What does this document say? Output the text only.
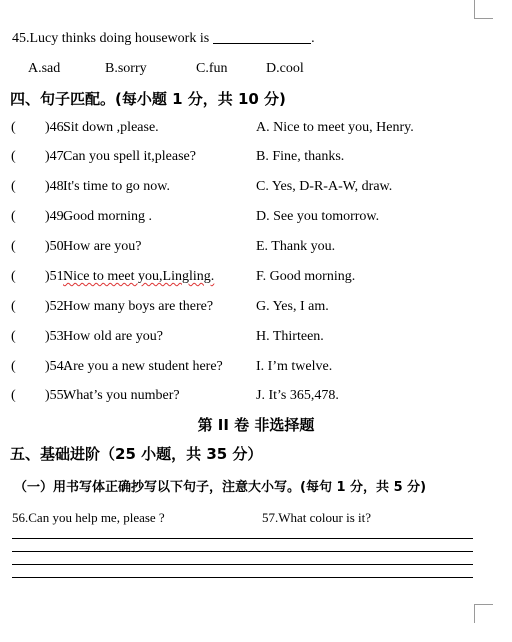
45.Lucy thinks doing housework is	.
A.sad	B.sorry	C.fun	D.cool
四、句子匹配。(每小题 1 分，共 10 分)
( )46.
Sit down ,please.	A. Nice to meet you, Henry.
( )47.
Can you spell it,please?	B. Fine, thanks.
( )48.
It's time to go now.	C. Yes, D-R-A-W, draw.
( )49.
Good morning .	D. See you tomorrow.
( )50.
How are you?	E. Thank you.
( )51.
Nice to meet you,Lingling.	F. Good morning.
( )52.
How many boys are there?	G. Yes, I am.
( )53.
How old are you?	H. Thirteen.
( )54.
Are you a new student here? I. I’m twelve.
( )55.
What’s you number?	J. It’s 365,478.
第 II 卷 非选择题
五、基础进阶（25 小题，共 35 分）
（一）用书写体正确抄写以下句子，注意大小写。(每句 1 分，共 5 分)
56.Can you help me, please ?	57.What colour is it?
